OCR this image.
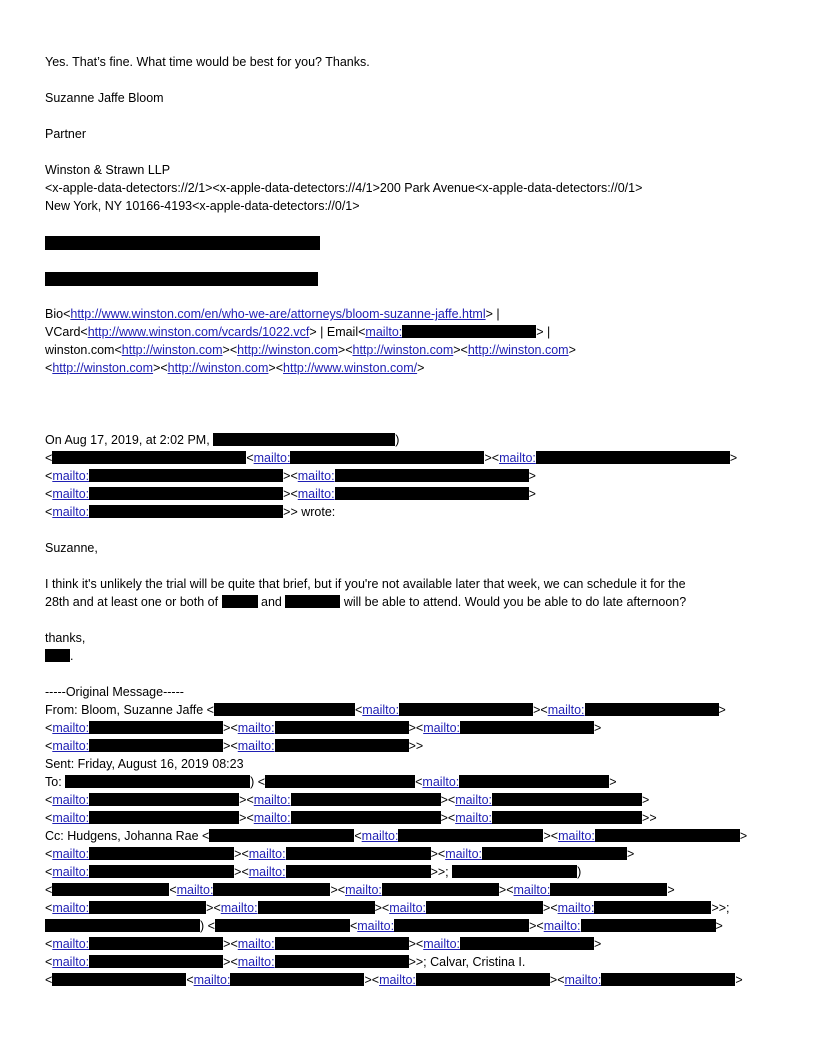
Yes. That’s fine. What time would be best for you? Thanks.
Suzanne Jaffe Bloom
Partner
Winston & Strawn LLP
<x-apple-data-detectors://2/1><x-apple-data-detectors://4/1>200 Park Avenue<x-apple-data-detectors://0/1>
New York, NY 10166-4193<x-apple-data-detectors://0/1>
Bio<http://www.winston.com/en/who-we-are/attorneys/bloom-suzanne-jaffe.html> |
VCard<http://www.winston.com/vcards/1022.vcf> | Email<mailto:	> |
winston.com<http://winston.com><http://winston.com><http://winston.com><http://winston.com>
<http://winston.com><http://winston.com><http://www.winston.com/>
On Aug 17, 2019, at 2:02 PM,	)
<	<mailto:	><mailto:	>
<mailto:	><mailto:	>
<mailto:	><mailto:	>
<mailto:	>> wrote:
Suzanne,
I think it's unlikely the trial will be quite that brief, but if you're not available later that week, we can schedule it for the
28th and at least one or both of	and	will be able to attend. Would you be able to do late afternoon?
thanks,
.
-----Original Message-----
From: Bloom, Suzanne Jaffe <	<mailto:	><mailto:	>
<mailto:	><mailto:	><mailto:	>
<mailto:	><mailto:	>>
Sent: Friday, August 16, 2019 08:23
To:	) <	<mailto:	>
<mailto:	><mailto:	><mailto:	>
<mailto:	><mailto:	><mailto:	>>
Cc: Hudgens, Johanna Rae <	<mailto:	><mailto:	>
<mailto:	><mailto:	><mailto:	>
<mailto:	><mailto:	>>;	)
<	<mailto:	><mailto:	><mailto:	>
<mailto:	><mailto:	><mailto:	><mailto:	>>;
) <	<mailto:	><mailto:	>
<mailto:	><mailto:	><mailto:	>
<mailto:	><mailto:	>>; Calvar, Cristina I.
<	<mailto:	><mailto:	><mailto:	>
